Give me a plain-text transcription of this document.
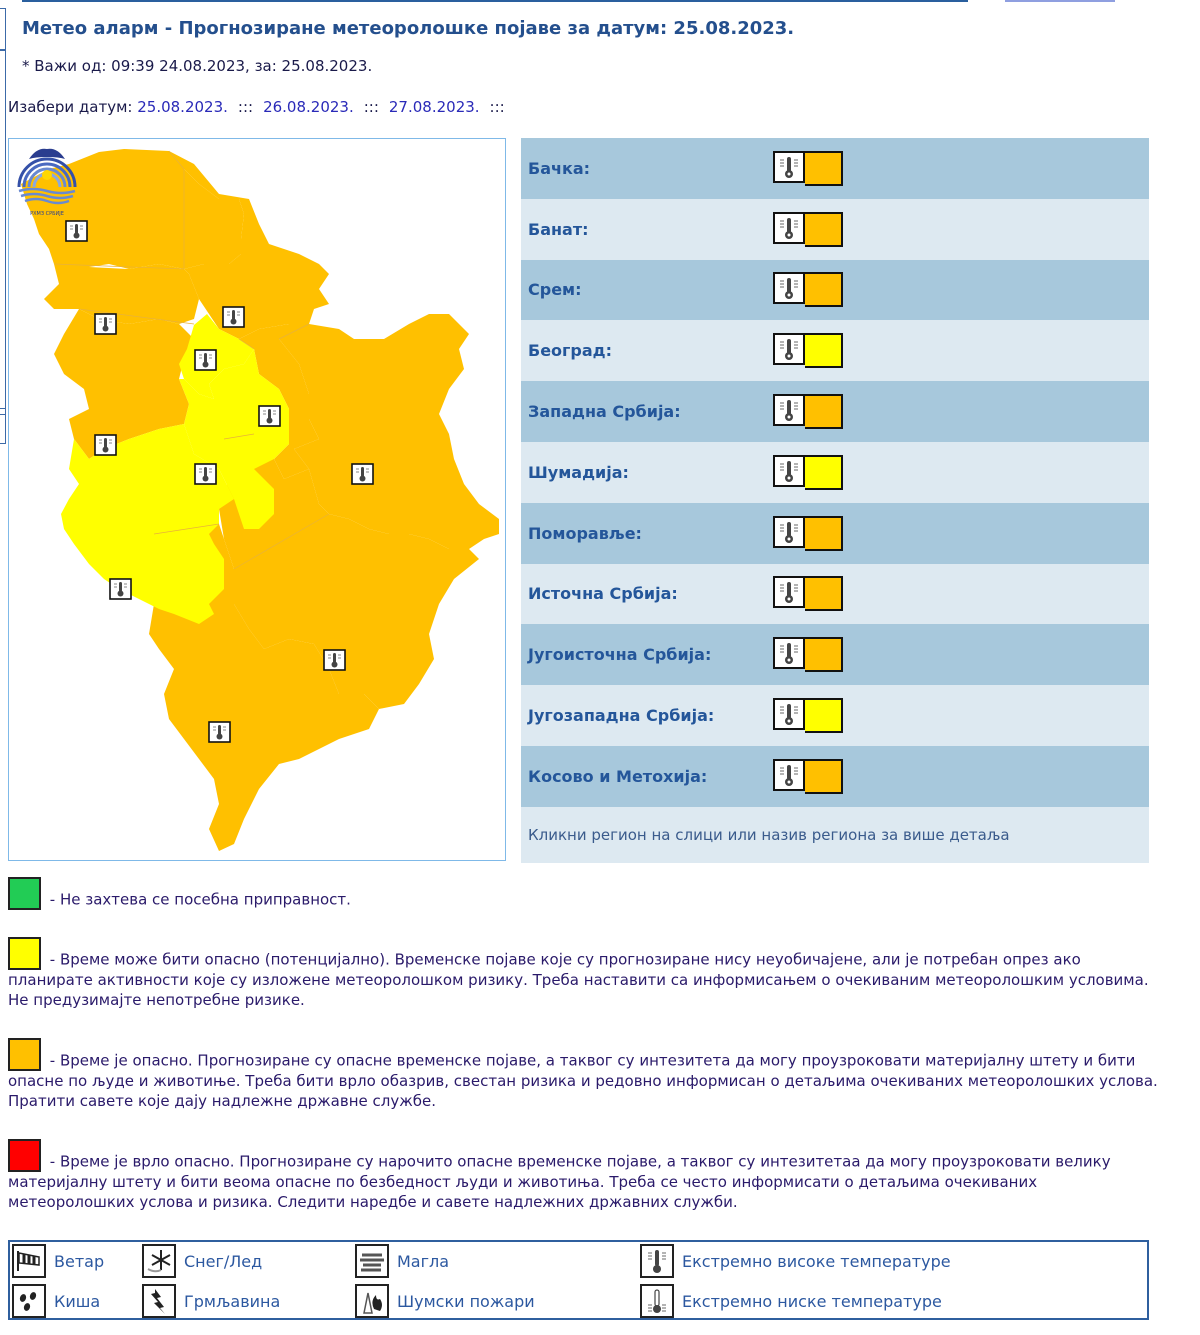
Метео аларм - Прогнозиране метеоролошке појаве за датум: 25.08.2023.
* Важи од: 09:39 24.08.2023, за: 25.08.2023.
Изабери датум: 25.08.2023. ::: 26.08.2023. ::: 27.08.2023. :::
РХМЗ СРБИЈЕ
Бачка:
Банат:
Срем:
Београд:
Западна Србија:
Шумадија:
Поморавље:
Источна Србија:
Југоисточна Србија:
Југозападна Србија:
Косово и Метохија:
Кликни регион на слици или назив региона за више детаља
- Не захтева се посебна приправност.
- Време може бити опасно (потенцијално). Временске појаве које су прогнозиране нису неуобичајене, али је потребан опрез ако планирате активности које су изложене метеоролошком ризику. Треба наставити са информисањем о очекиваним метеоролошким условима. Не предузимајте непотребне ризике.
- Време је опасно. Прогнозиране су опасне временске појаве, а таквог су интезитета да могу проузроковати материјалну штету и бити опасне по људе и животиње. Треба бити врло обазрив, свестан ризика и редовно информисан о детаљима очекиваних метеоролошких услова. Пратити савете које дају надлежне државне службе.
- Време је врло опасно. Прогнозиране су нарочито опасне временске појаве, а таквог су интезитетаа да могу проузроковати велику материјалну штету и бити веома опасне по безбедност људи и животиња. Треба се често информисати о детаљима очекиваних метеоролошких услова и ризика. Следити наредбе и савете надлежних државних служби.
Ветар
Киша
Снег/Лед
Грмљавина
Магла
Шумски пожари
Екстремно високе температуре
Екстремно ниске температуре
